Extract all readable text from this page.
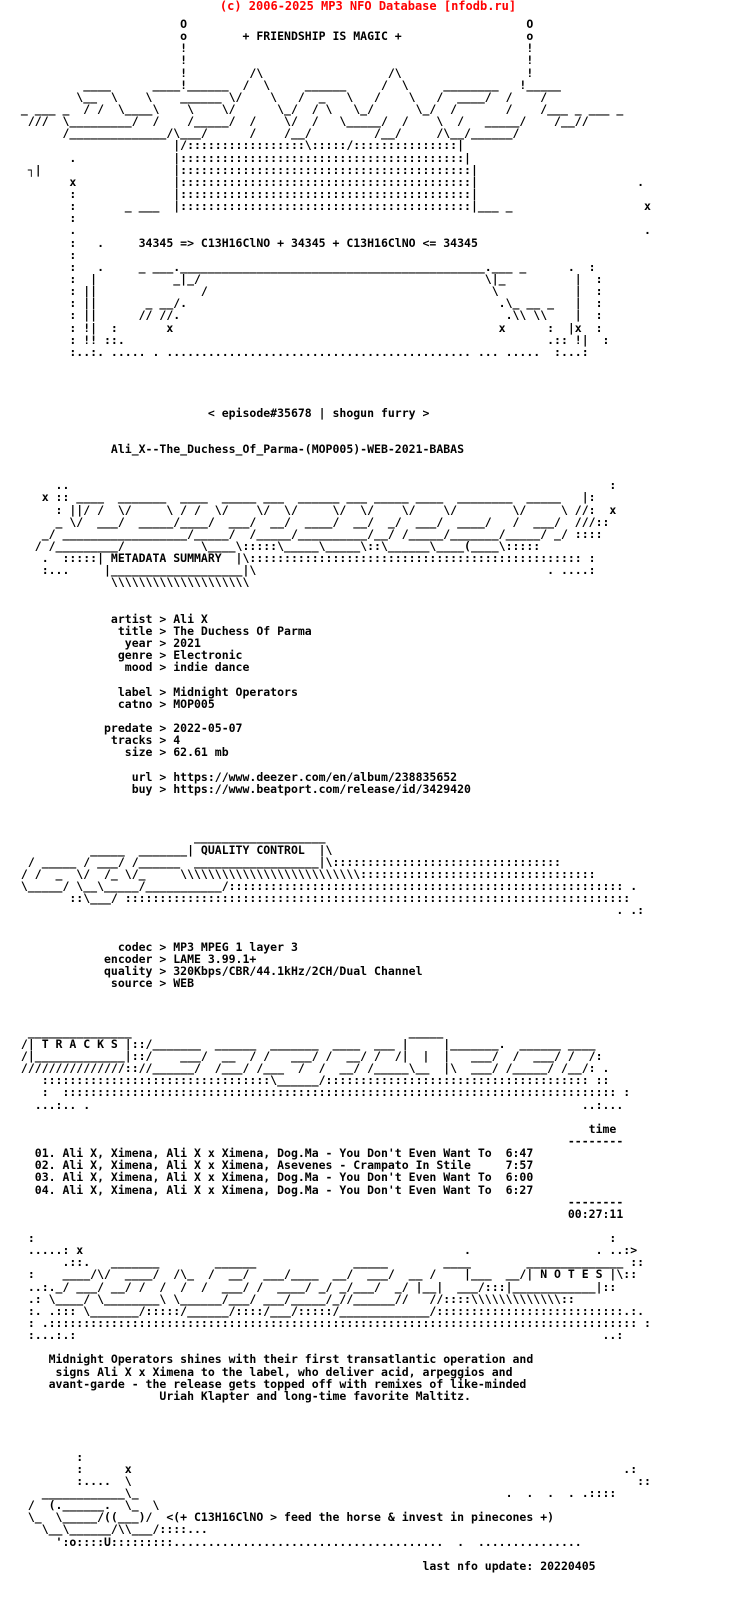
(c) 2006-2025 MP3 NFO Database [nfodb.ru]
O                                                 O
o        + FRIENDSHIP IS MAGIC +                  o
!                                                 !
!                                                 !
!         /\                  /\                  !
____      ____!______  /  \     ______     /  \     ________   !_____
\__  \    \    ______ \/    \   /  _   \   /    \   /  ____/  /    /
_ ___ _  / /  \____\    \    \/      \_/  / \   \_/      \_/  /       /    /___ _ ___ _
///  \_________/  /    /_____/  /    \/  /   \_____/  /    \  /   _____/    /__//
/______________/\___/      /    /__/         /__/     /\__/______/
|/:::::::::::::::::\:::::/:::::::::::::::|
.              |:::::::::::::::::::::::::::::::::::::::::|
┐|                   |::::::::::::::::::::::::::::::::::::::::::|
x              |::::::::::::::::::::::::::::::::::::::::::|                       .
:              |::::::::::::::::::::::::::::::::::::::::::|
:       _ ___  |::::::::::::::::::::::::::::::::::::::::::|___ _                   x
:
.                                                                                  .
:   .     34345 => C13H16ClNO + 34345 + C13H16ClNO <= 34345
:
:   .     _ ___.____________________________________________.___ _      .  :
:  |           _|_/                                         \|_          |  :
: ||               /                                         \           |  :
: ||       _ __/.                                             .\_ __ _   |  :
: ||      // //.                                               .\\ \\    |  :
: !|  :       x                                               x      :  |x  :
: !! ::.                                                             .:: !|  :
:..:. ..... . ............................................ ... .....  :...:

< episode#35678 | shogun furry >

Ali_X--The_Duchess_Of_Parma-(MOP005)-WEB-2021-BABAS

..                                                                              :
x :: ____  _______  ____  _____ ___  ______ ___ _____ ____  ________  _____   |:
: ||/ /  \/     \ / /  \/    \/  \/     \/  \/    \/    \/        \/     \ //:  x
_ \/  ___/  _____/____/  ___/  __/  ____/  __/  _/  ___/  ____/   /  ___/  ///::
_/ __________________/_____/  /_____/__________/__/ /_____/_______/_____/ _/ ::::
/ /_________/           \____\:::::\_____\_____\::\______\____(____\:::::
.  :::::| METADATA SUMMARY  |\:::::::::::::::::::::::::::::::::::::::::::::::: :
:...     |___________________|\                                          . ....:
\\\\\\\\\\\\\\\\\\\\

artist > Ali X
title > The Duchess Of Parma
year > 2021
genre > Electronic
mood > indie dance

label > Midnight Operators
catno > MOP005

predate > 2022-05-07
tracks > 4
size > 62.61 mb

url > https://www.deezer.com/en/album/238835652
buy > https://www.beatport.com/release/id/3429420

___________________
_____  _______| QUALITY CONTROL  |\
/ _____ / ___/ /______  __________________|\:::::::::::::::::::::::::::::::::
/ /  _  \/  /_ \/_     \\\\\\\\\\\\\\\\\\\\\\\\\\::::::::::::::::::::::::::::::::::
\_____/ \__\_____/___________/::::::::::::::::::::::::::::::::::::::::::::::::::::::::: .
::\___/ :::::::::::::::::::::::::::::::::::::::::::::::::::::::::::::::::::::::::
. .:

codec > MP3 MPEG 1 layer 3
encoder > LAME 3.99.1+
quality > 320Kbps/CBR/44.1kHz/2CH/Dual Channel
source > WEB

_______________                                        _____
/| T R A C K S |::/_______  ______  _______  ____  ___ |     |_______.  ______ ____
/|_____________|::/    ___/  __  / /   ___/ /  __/ /  /|  |  |   ___/  /  ___/ /  /:
///////////////:://______/  /___/ /___  /  /  __/ /_____\__  |\  ___/ /_____/ /__/: .
:::::::::::::::::::::::::::::::::\______/:::::::::::::::::::::::::::::::::::::: ::
:  :::::::::::::::::::::::::::::::::::::::::::::::::::::::::::::::::::::::::::::::: :
...:.. .                                                                       ..:...

time
--------
01. Ali X, Ximena, Ali X x Ximena, Dog.Ma - You Don't Even Want To  6:47
02. Ali X, Ximena, Ali X x Ximena, Asevenes - Crampato In Stile     7:57
03. Ali X, Ximena, Ali X x Ximena, Dog.Ma - You Don't Even Want To  6:00
04. Ali X, Ximena, Ali X x Ximena, Dog.Ma - You Don't Even Want To  6:27
--------
00:27:11

:                                                                                   :
.....: x                                                       .                  . ..:>
.::.   _______        ______              _____        ____        ______________ ::
:    ____/\/  ____/  /\_  /  __/  ___/____  __/  ___/  __ /    |___  __/| N O T E S |\::
..:._/ ___/ __/ /  /  /  /  ___/ /  ____/ _/ _/___/  _/ |__|  ___/:::|____________|::
.: \____/ \________\ \______/___/ ___/_____/_//______//   //::::\\\\\\\\\\\\\::
:. .::: \_______/:::::/______/::::/___/:::::/_____________/:::::::::::::::::::::::::::.:.
: .::::::::::::::::::::::::::::::::::::::::::::::::::::::::::::::::::::::::::::::::::::: :
:...:.:                                                                            ..:

Midnight Operators shines with their first transatlantic operation and
signs Ali X x Ximena to the label, who deliver acid, arpeggios and
avant-garde - the release gets topped off with remixes of like-minded
Uriah Klapter and long-time favorite Maltitz.

:
:      x                                                                       .:
:....  \                                                                         ::
____________\_                                                     .  .  .  . .::::
/  (.______.  \_  \
\_  \_____/((___)/  <(+ C13H16ClNO > feed the horse & invest in pinecones +)
\__\______/\\___/::::...
':o::::U:::::::::.......................................  .  ...............

last nfo update: 20220405
